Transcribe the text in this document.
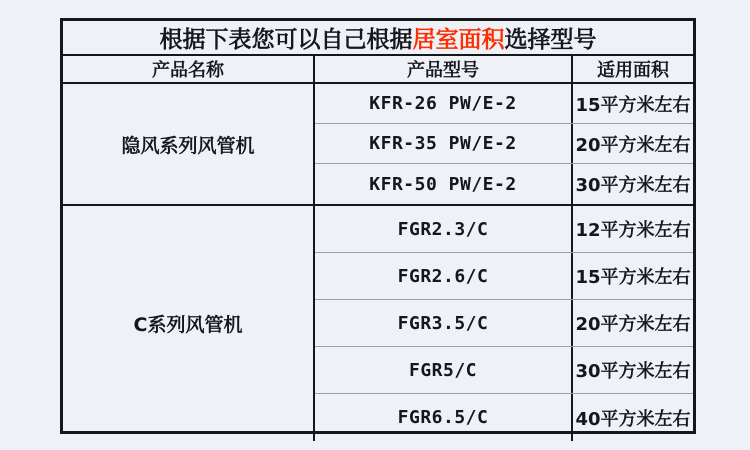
根据下表您可以自己根据居室面积选择型号
产品名称	产品型号	适用面积
隐风系列风管机
KFR-26 PW/E-2	15平方米左右
KFR-35 PW/E-2	20平方米左右
KFR-50 PW/E-2	30平方米左右
C系列风管机
FGR2.3/C	12平方米左右
FGR2.6/C	15平方米左右
FGR3.5/C	20平方米左右
FGR5/C	30平方米左右
FGR6.5/C	40平方米左右
